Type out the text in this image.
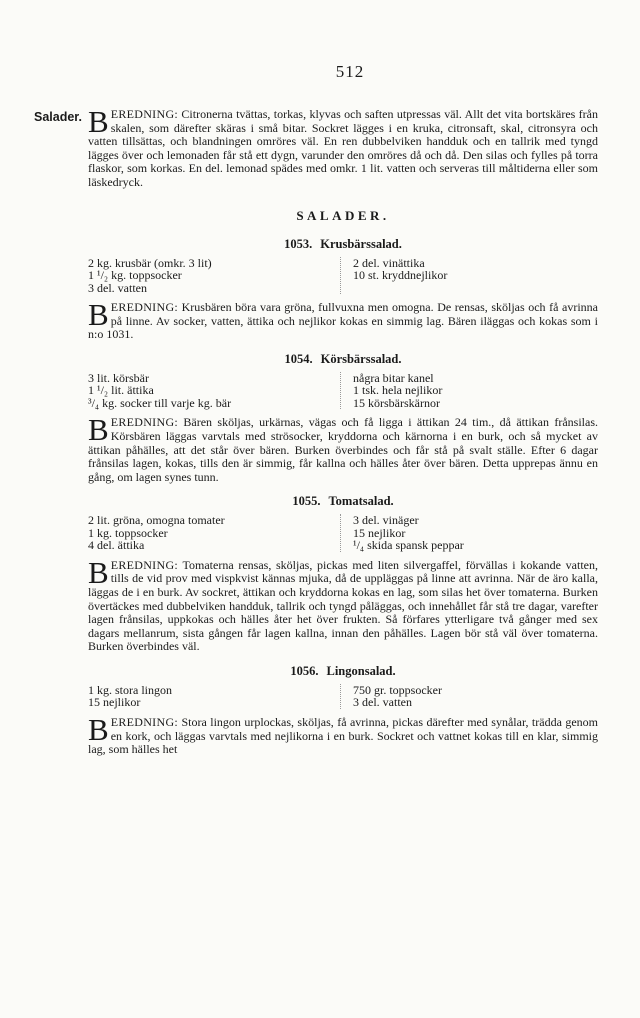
512
Salader. BEREDNING: Citronerna tvättas, torkas, klyvas och saften utpressas väl. Allt det vita bortskäres från skalen, som därefter skäras i små bitar. Sockret lägges i en kruka, citronsaft, skal, citronsyra och vatten tillsättas, och blandningen omröres väl. En ren dubbelviken handduk och en tallrik med tyngd lägges över och lemonaden får stå ett dygn, varunder den omröres då och då. Den silas och fylles på torra flaskor, som korkas. En del. lemonad spädes med omkr. 1 lit. vatten och serveras till måltiderna eller som läskedryck.

SALADER.
1053. Krusbärssalad.
2 kg. krusbär (omkr. 3 lit)
1 ¹/₂ kg. toppsocker
3 del. vatten
2 del. vinättika
10 st. kryddnejlikor

BEREDNING: Krusbären böra vara gröna, fullvuxna men omogna. De rensas, sköljas och få avrinna på linne. Av socker, vatten, ättika och nejlikor kokas en simmig lag. Bären iläggas och kokas som i n:o 1031.

1054. Körsbärssalad.
3 lit. körsbär
1 ¹/₂ lit. ättika
³/₄ kg. socker till varje kg. bär
några bitar kanel
1 tsk. hela nejlikor
15 körsbärskärnor

BEREDNING: Bären sköljas, urkärnas, vägas och få ligga i ättikan 24 tim., då ättikan frånsilas. Körsbären läggas varvtals med strösocker, kryddorna och kärnorna i en burk, och så mycket av ättikan påhälles, att det står över bären. Burken överbindes och får stå på svalt ställe. Efter 6 dagar frånsilas lagen, kokas, tills den är simmig, får kallna och hälles åter över bären. Detta upprepas ännu en gång, om lagen synes tunn.

1055. Tomatsalad.
2 lit. gröna, omogna tomater
1 kg. toppsocker
4 del. ättika
3 del. vinäger
15 nejlikor
¹/₄ skida spansk peppar

BEREDNING: Tomaterna rensas, sköljas, pickas med liten silvergaffel, förvällas i kokande vatten, tills de vid prov med vispkvist kännas mjuka, då de uppläggas på linne att avrinna. När de äro kalla, läggas de i en burk. Av sockret, ättikan och kryddorna kokas en lag, som silas het över tomaterna. Burken övertäckes med dubbelviken handduk, tallrik och tyngd påläggas, och innehållet får stå tre dagar, varefter lagen frånsilas, uppkokas och hälles åter het över frukten. Så förfares ytterligare två gånger med sex dagars mellanrum, sista gången får lagen kallna, innan den påhälles. Lagen bör stå väl över tomaterna. Burken överbindes väl.

1056. Lingonsalad.
1 kg. stora lingon
15 nejlikor
750 gr. toppsocker
3 del. vatten

BEREDNING: Stora lingon urplockas, sköljas, få avrinna, pickas därefter med synålar, trädda genom en kork, och läggas varvtals med nejlikorna i en burk. Sockret och vattnet kokas till en klar, simmig lag, som hälles het
